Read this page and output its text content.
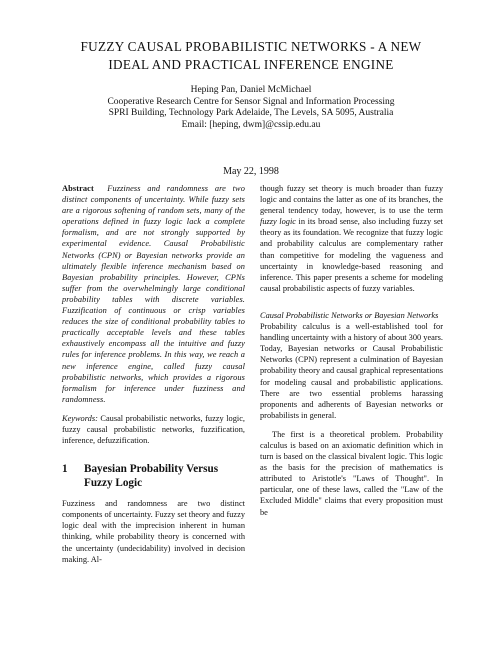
FUZZY CAUSAL PROBABILISTIC NETWORKS - A NEW
IDEAL AND PRACTICAL INFERENCE ENGINE
Heping Pan, Daniel McMichael
Cooperative Research Centre for Sensor Signal and Information Processing
SPRI Building, Technology Park Adelaide, The Levels, SA 5095, Australia
Email: [heping, dwm]@cssip.edu.au
May 22, 1998

Abstract Fuzziness and randomness are two distinct components of uncertainty. While fuzzy sets are a rigorous softening of random sets, many of the operations defined in fuzzy logic lack a complete formalism, and are not strongly supported by experimental evidence. Causal Probabilistic Networks (CPN) or Bayesian networks provide an ultimately flexible inference mechanism based on Bayesian probability principles. However, CPNs suffer from the overwhelmingly large conditional probability tables with discrete variables. Fuzzification of continuous or crisp variables reduces the size of conditional probability tables to practically acceptable levels and these tables exhaustively encompass all the intuitive and fuzzy rules for inference problems. In this way, we reach a new inference engine, called fuzzy causal probabilistic networks, which provides a rigorous formalism for inference under fuzziness and randomness.

Keywords: Causal probabilistic networks, fuzzy logic, fuzzy causal probabilistic networks, fuzzification, inference, defuzzification.

1	Bayesian Probability Versus Fuzzy Logic

Fuzziness and randomness are two distinct components of uncertainty. Fuzzy set theory and fuzzy logic deal with the imprecision inherent in human thinking, while probability theory is concerned with the uncertainty (undecidability) involved in decision making. Al-

though fuzzy set theory is much broader than fuzzy logic and contains the latter as one of its branches, the general tendency today, however, is to use the term fuzzy logic in its broad sense, also including fuzzy set theory as its foundation. We recognize that fuzzy logic and probability calculus are complementary rather than competitive for modeling the vagueness and uncertainty in knowledge-based reasoning and inference. This paper presents a scheme for modeling causal probabilistic aspects of fuzzy variables.

Causal Probabilistic Networks or Bayesian Networks

Probability calculus is a well-established tool for handling uncertainty with a history of about 300 years. Today, Bayesian networks or Causal Probabilistic Networks (CPN) represent a culmination of Bayesian probability theory and causal graphical representations for modeling causal and probabilistic applications. There are two essential problems harassing proponents and adherents of Bayesian networks or probabilists in general.

The first is a theoretical problem. Probability calculus is based on an axiomatic definition which in turn is based on the classical bivalent logic. This logic as the basis for the precision of mathematics is attributed to Aristotle's "Laws of Thought". In particular, one of these laws, called the "Law of the Excluded Middle" claims that every proposition must be
